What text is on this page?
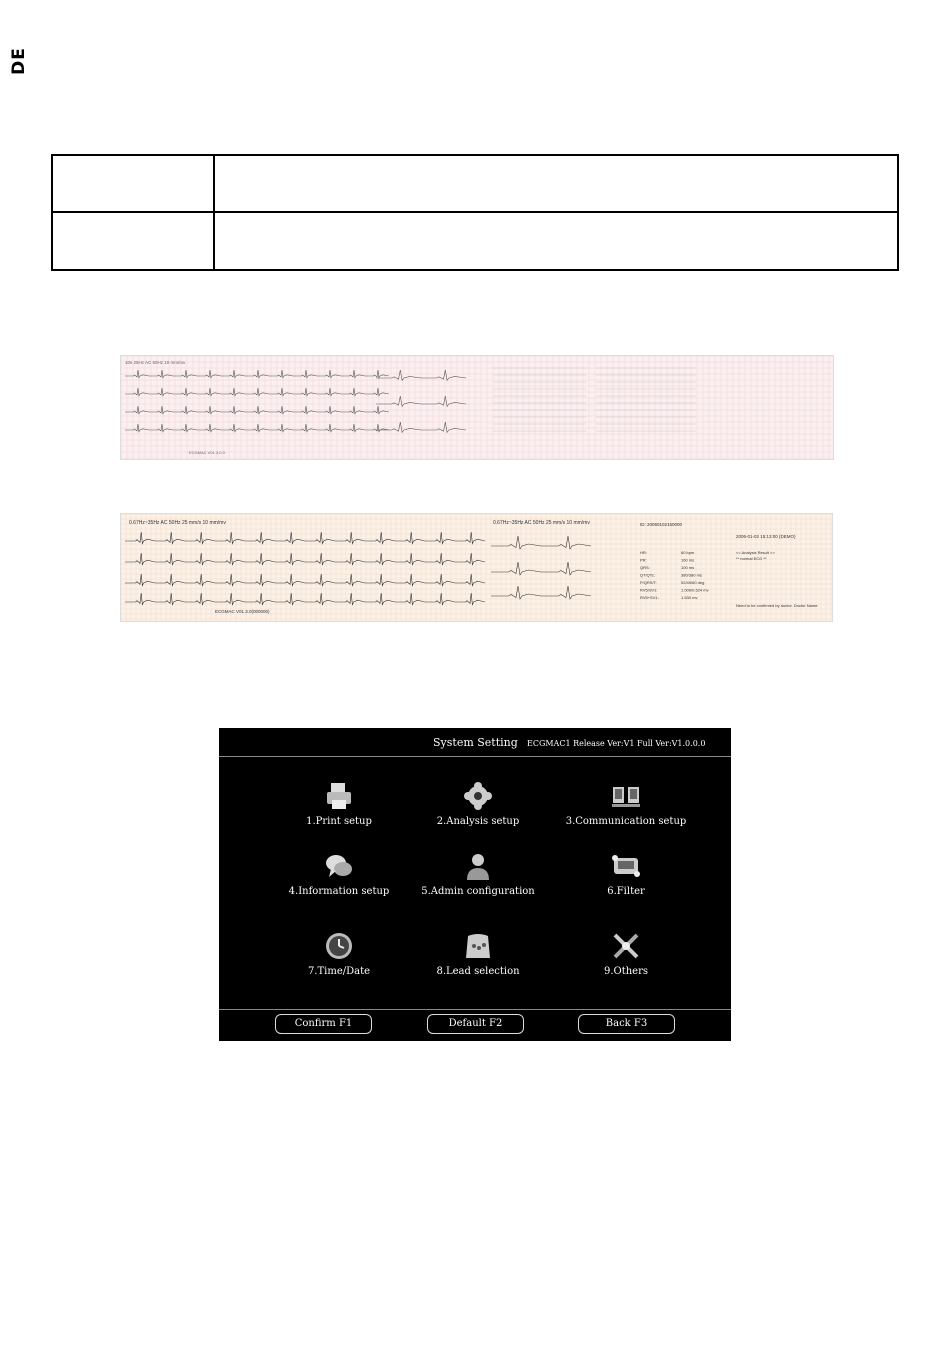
DE
10s 25Hz AC 50Hz 10 mm/mv
ECGMAC V01.3.0.0
0.67Hz~35Hz AC 50Hz 25 mm/s 10 mm/mv	0.67Hz~35Hz AC 50Hz 25 mm/s 10 mm/mv
ECGMAC V01.3.0(000000)
ID: 20060102150000
2006-01-02 15:13:00 (DEMO)
<< Analysis Result >>
** normal ECG **
Need to be confirmed by doctor. Doctor Name:
HR:	60 bpm
PR:	160 ms
QRS:	100 ms
QT/QTc:	380/380 ms
P/QRS/T:	52/45/60 deg
RV5/SV1:	1.006/0.524 mv
RV5+SV1:	1.530 mv
System Setting ECGMAC1 Release Ver:V1 Full Ver:V1.0.0.0
1.Print setup	2.Analysis setup	3.Communication setup
4.Information setup	5.Admin configuration	6.Filter
7.Time/Date	8.Lead selection	9.Others
Confirm F1	Default F2	Back F3
